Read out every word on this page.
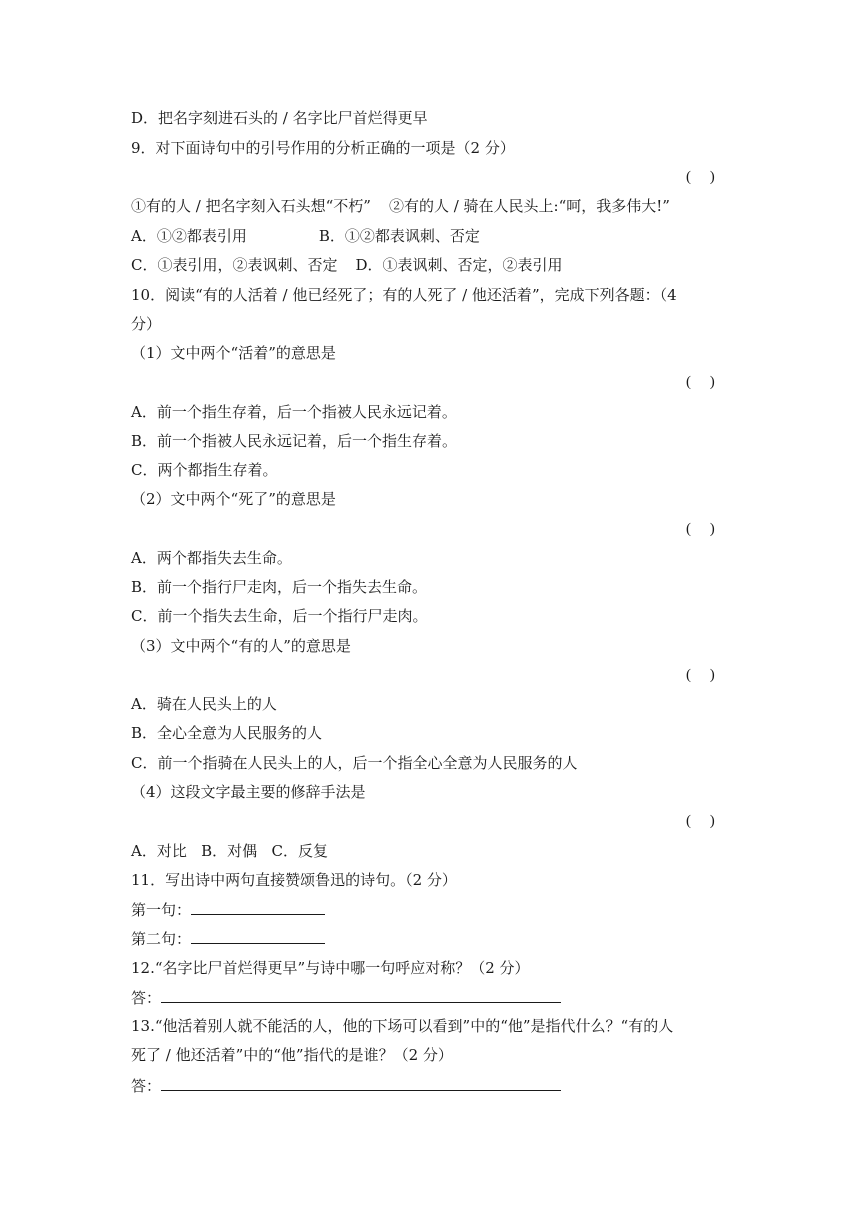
D．把名字刻进石头的 / 名字比尸首烂得更早
9．对下面诗句中的引号作用的分析正确的一项是（2 分）
(     )
①有的人 / 把名字刻入石头想“不朽” ②有的人 / 骑在人民头上:“呵，我多伟大!”
A．①②都表引用	B．①②都表讽刺、否定
C．①表引用，②表讽刺、否定 D．①表讽刺、否定，②表引用
10．阅读“有的人活着 / 他已经死了；有的人死了 / 他还活着”，完成下列各题：（4
分）
（1）文中两个“活着”的意思是
(     )
A．前一个指生存着，后一个指被人民永远记着。
B．前一个指被人民永远记着，后一个指生存着。
C．两个都指生存着。
（2）文中两个“死了”的意思是
(     )
A．两个都指失去生命。
B．前一个指行尸走肉，后一个指失去生命。
C．前一个指失去生命，后一个指行尸走肉。
（3）文中两个“有的人”的意思是
(     )
A．骑在人民头上的人
B．全心全意为人民服务的人
C．前一个指骑在人民头上的人，后一个指全心全意为人民服务的人
（4）这段文字最主要的修辞手法是
(     )
A．对比   B．对偶   C．反复
11．写出诗中两句直接赞颂鲁迅的诗句。（2 分）
第一句：
第二句：
12.“名字比尸首烂得更早”与诗中哪一句呼应对称？（2 分）
答：
13.“他活着别人就不能活的人，他的下场可以看到”中的“他”是指代什么？“有的人
死了 / 他还活着”中的“他”指代的是谁？（2 分）
答：
